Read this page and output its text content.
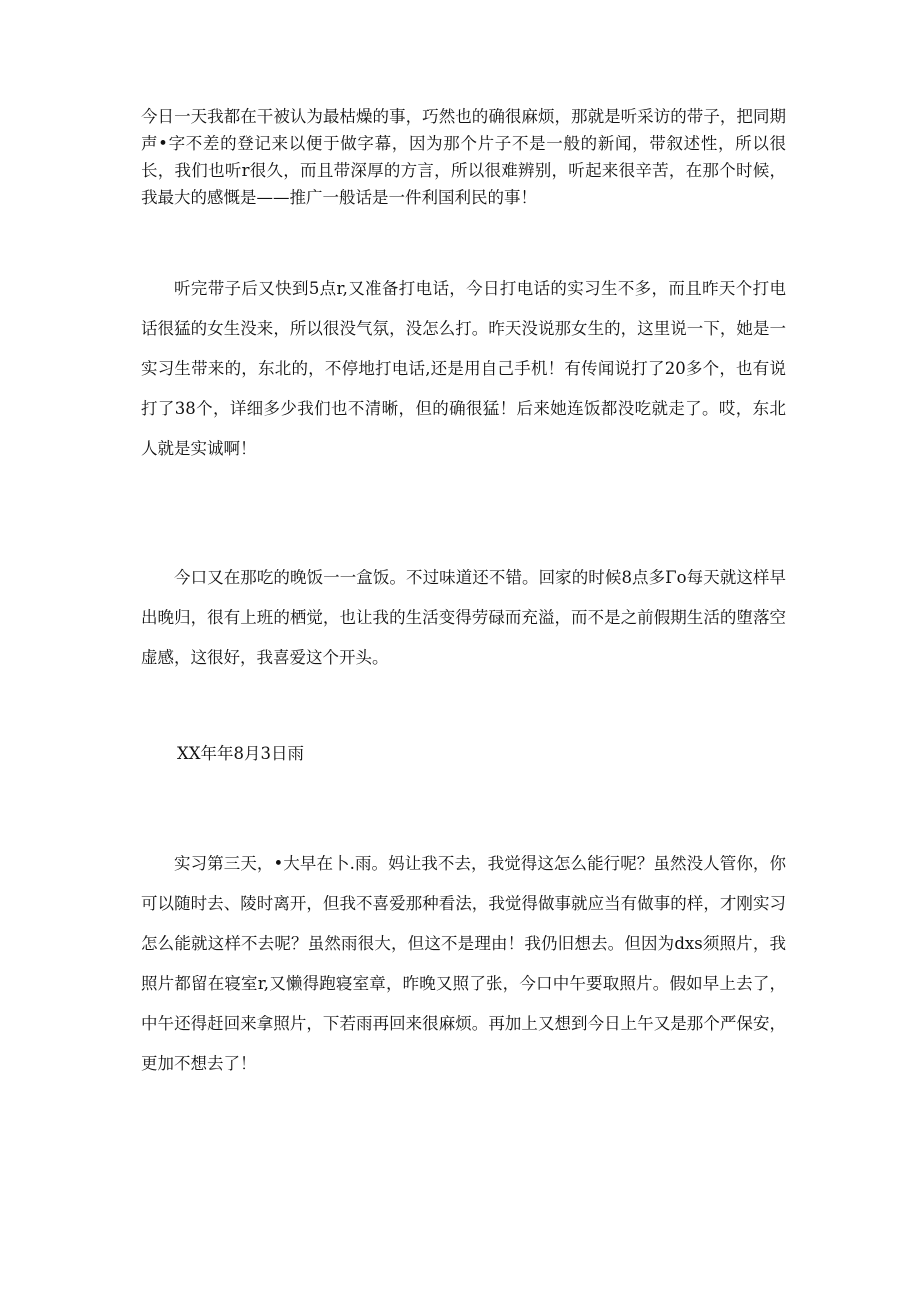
今日一天我都在干被认为最枯燥的事，巧然也的确很麻烦，那就是听采访的带子，把同期声•字不差的登记来以便于做字幕，因为那个片子不是一般的新闻，带叙述性，所以很长，我们也听r很久，而且带深厚的方言，所以很难辨别，听起来很辛苦，在那个时候，我最大的感慨是——推广一般话是一件利国利民的事！

听完带子后又快到5点r,又准备打电话，今日打电话的实习生不多，而且昨天个打电话很猛的女生没来，所以很没气氛，没怎么打。昨天没说那女生的，这里说一下，她是一实习生带来的，东北的，不停地打电话,还是用自己手机！有传闻说打了20多个，也有说打了38个，详细多少我们也不清晰，但的确很猛！后来她连饭都没吃就走了。哎，东北人就是实诚啊！

今口又在那吃的晚饭一一盒饭。不过味道还不错。回家的时候8点多Γo每天就这样早出晚归，很有上班的栖觉，也让我的生活变得劳碌而充溢，而不是之前假期生活的堕落空虚感，这很好，我喜爱这个开头。

XX年年8月3日雨

实习第三天，•大早在卜.雨。妈让我不去，我觉得这怎么能行呢？虽然没人管你，你可以随时去、陵时离开，但我不喜爱那种看法，我觉得做事就应当有做事的样，才刚实习怎么能就这样不去呢？虽然雨很大，但这不是理由！我仍旧想去。但因为dxs须照片，我照片都留在寝室r,又懒得跑寝室章，昨晚又照了张，今口中午要取照片。假如早上去了，中午还得赶回来拿照片，下若雨再回来很麻烦。再加上又想到今日上午又是那个严保安，更加不想去了！
